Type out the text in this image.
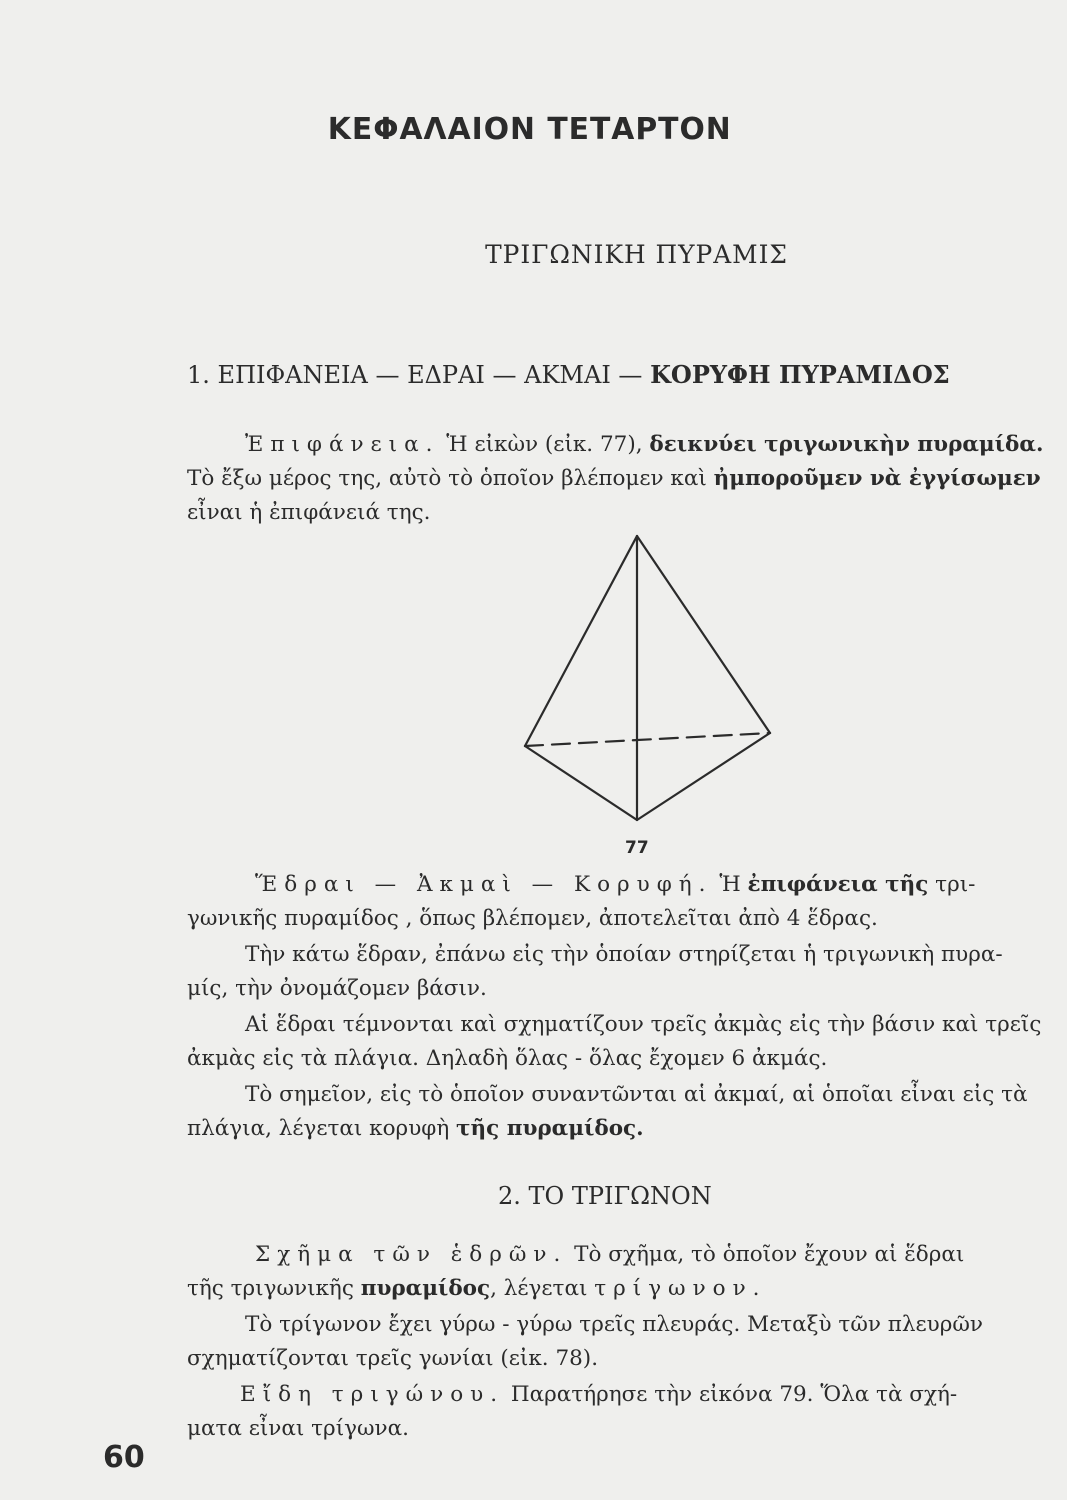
ΚΕΦΑΛΑΙΟΝ ΤΕΤΑΡΤΟΝ
ΤΡΙΓΩΝΙΚΗ ΠΥΡΑΜΙΣ
1. ΕΠΙΦΑΝΕΙΑ — ΕΔΡΑΙ — ΑΚΜΑΙ — ΚΟΡΥΦΗ ΠΥΡΑΜΙΔΟΣ
Ἐπιφάνεια. Ἡ εἰκὼν (εἰκ. 77), δεικνύει τριγωνικὴν πυραμίδα.
Τὸ ἔξω μέρος της, αὐτὸ τὸ ὁποῖον βλέπομεν καὶ ἠμποροῦμεν νὰ ἐγγίσωμεν
εἶναι ἡ ἐπιφάνειά της.
77
Ἕδραι — Ἀκμαὶ — Κορυφή. Ἡ ἐπιφάνεια τῆς τρι-
γωνικῆς πυραμίδος , ὅπως βλέπομεν, ἀποτελεῖται ἀπὸ 4 ἕδρας.
Τὴν κάτω ἕδραν, ἐπάνω εἰς τὴν ὁποίαν στηρίζεται ἡ τριγωνικὴ πυρα-
μίς, τὴν ὀνομάζομεν βάσιν.
Αἱ ἕδραι τέμνονται καὶ σχηματίζουν τρεῖς ἀκμὰς εἰς τὴν βάσιν καὶ τρεῖς
ἀκμὰς εἰς τὰ πλάγια. Δηλαδὴ ὅλας - ὅλας ἔχομεν 6 ἀκμάς.
Τὸ σημεῖον, εἰς τὸ ὁποῖον συναντῶνται αἱ ἀκμαί, αἱ ὁποῖαι εἶναι εἰς τὰ
πλάγια, λέγεται κορυφὴ τῆς πυραμίδος.
2. ΤΟ ΤΡΙΓΩΝΟΝ
Σχῆμα τῶν ἑδρῶν. Τὸ σχῆμα, τὸ ὁποῖον ἔχουν αἱ ἕδραι
τῆς τριγωνικῆς πυραμίδος, λέγεται τρίγωνον.
Τὸ τρίγωνον ἔχει γύρω - γύρω τρεῖς πλευράς. Μεταξὺ τῶν πλευρῶν
σχηματίζονται τρεῖς γωνίαι (εἰκ. 78).
Εἴδη τριγώνου. Παρατήρησε τὴν εἰκόνα 79. Ὅλα τὰ σχή-
ματα εἶναι τρίγωνα.
60
